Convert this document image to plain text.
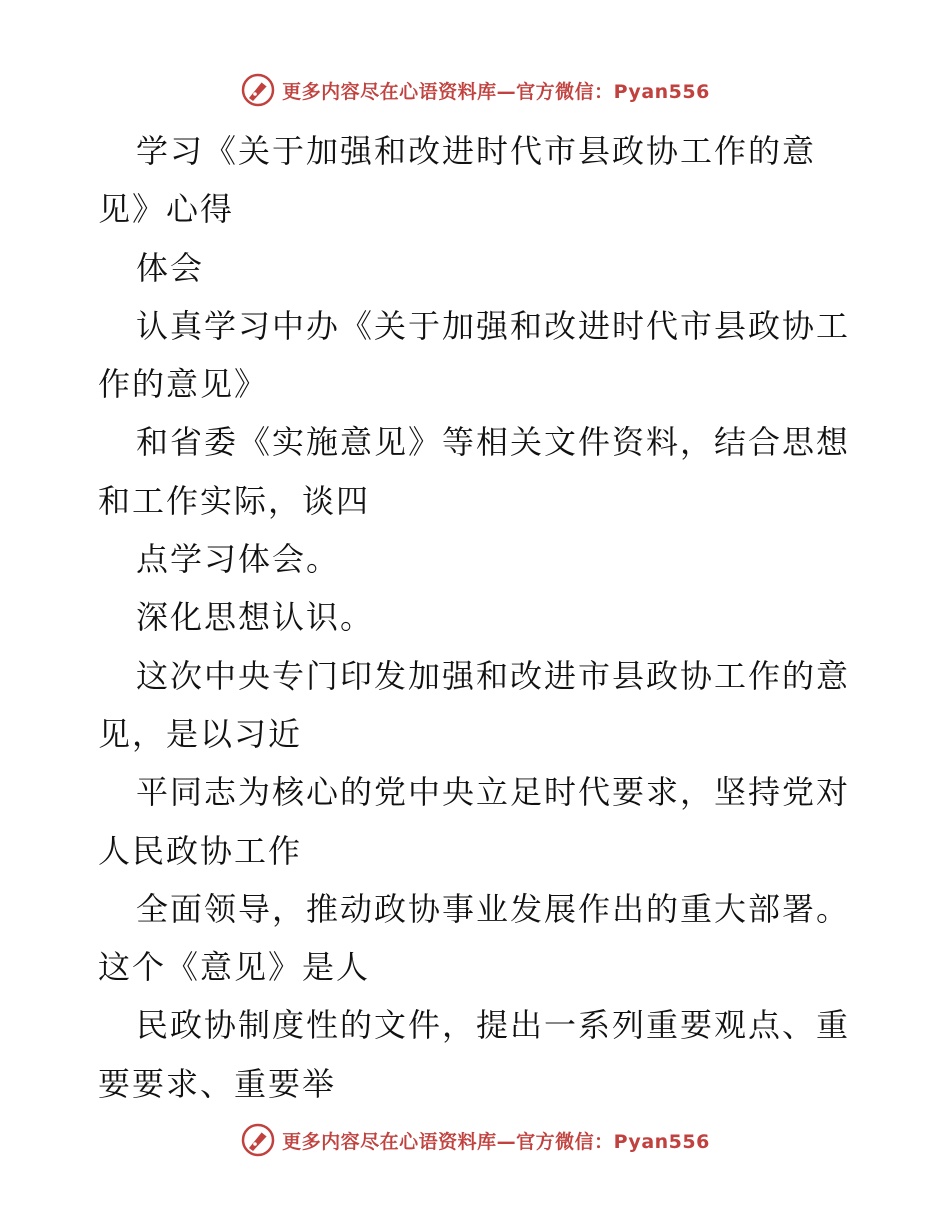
更多内容尽在心语资料库—官方微信：Pyan556
学习《关于加强和改进时代市县政协工作的意
见》心得
体会
认真学习中办《关于加强和改进时代市县政协工
作的意见》
和省委《实施意见》等相关文件资料，结合思想
和工作实际，谈四
点学习体会。
深化思想认识。
这次中央专门印发加强和改进市县政协工作的意
见，是以习近
平同志为核心的党中央立足时代要求，坚持党对
人民政协工作
全面领导，推动政协事业发展作出的重大部署。
这个《意见》是人
民政协制度性的文件，提出一系列重要观点、重
要要求、重要举
更多内容尽在心语资料库—官方微信：Pyan556
